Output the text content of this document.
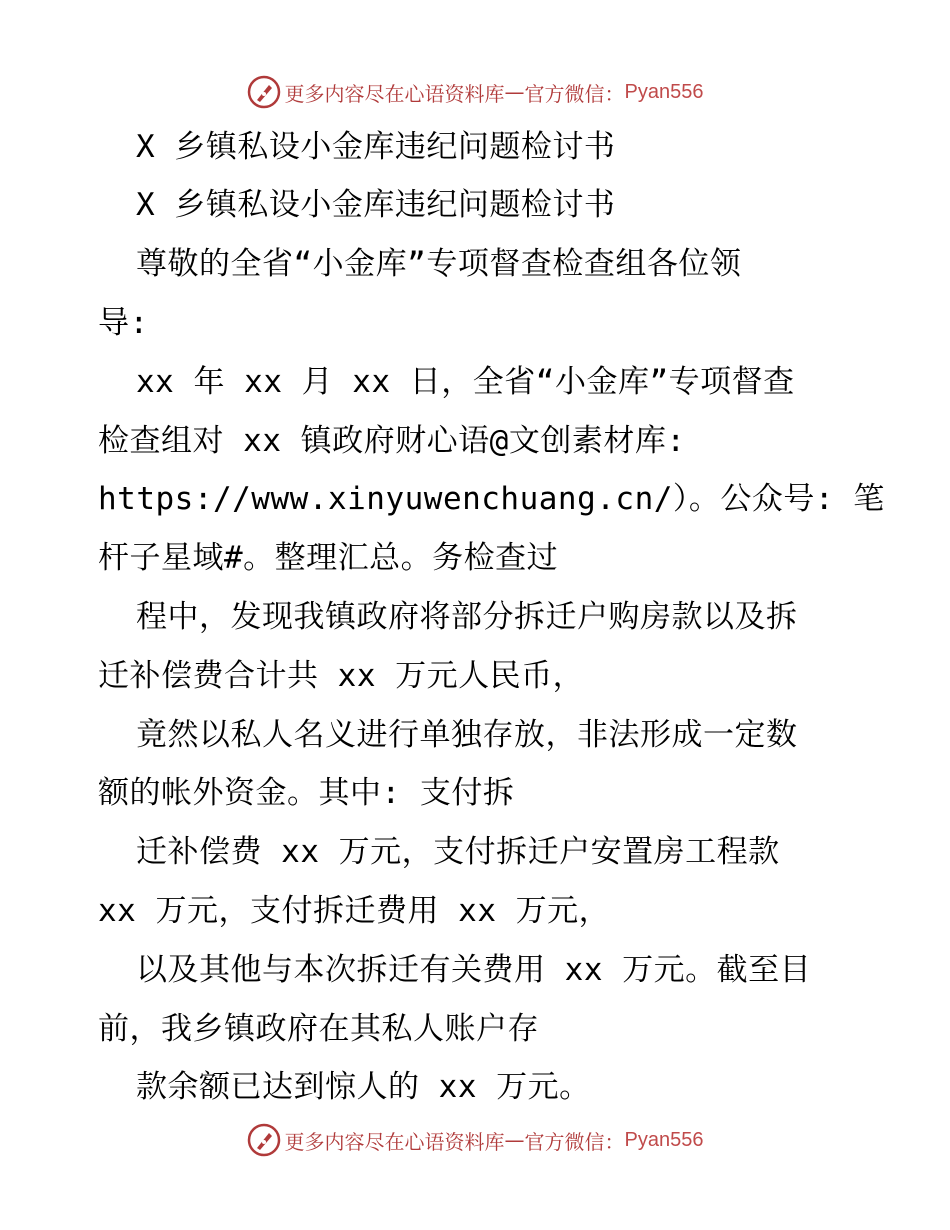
更多内容尽在心语资料库 — 官方微信： Pyan556
X 乡镇私设小金库违纪问题检讨书
X 乡镇私设小金库违纪问题检讨书
尊敬的全省“小金库”专项督查检查组各位领
导:
xx 年 xx 月 xx 日，全省“小金库”专项督查
检查组对 xx 镇政府财心语@文创素材库:
https://www.xinyuwenchuang.cn/）。公众号: 笔
杆子星域#。整理汇总。务检查过
程中，发现我镇政府将部分拆迁户购房款以及拆
迁补偿费合计共 xx 万元人民币，
竟然以私人名义进行单独存放，非法形成一定数
额的帐外资金。其中: 支付拆
迁补偿费 xx 万元，支付拆迁户安置房工程款
xx 万元，支付拆迁费用 xx 万元，
以及其他与本次拆迁有关费用 xx 万元。截至目
前，我乡镇政府在其私人账户存
款余额已达到惊人的 xx 万元。
更多内容尽在心语资料库 — 官方微信： Pyan556
